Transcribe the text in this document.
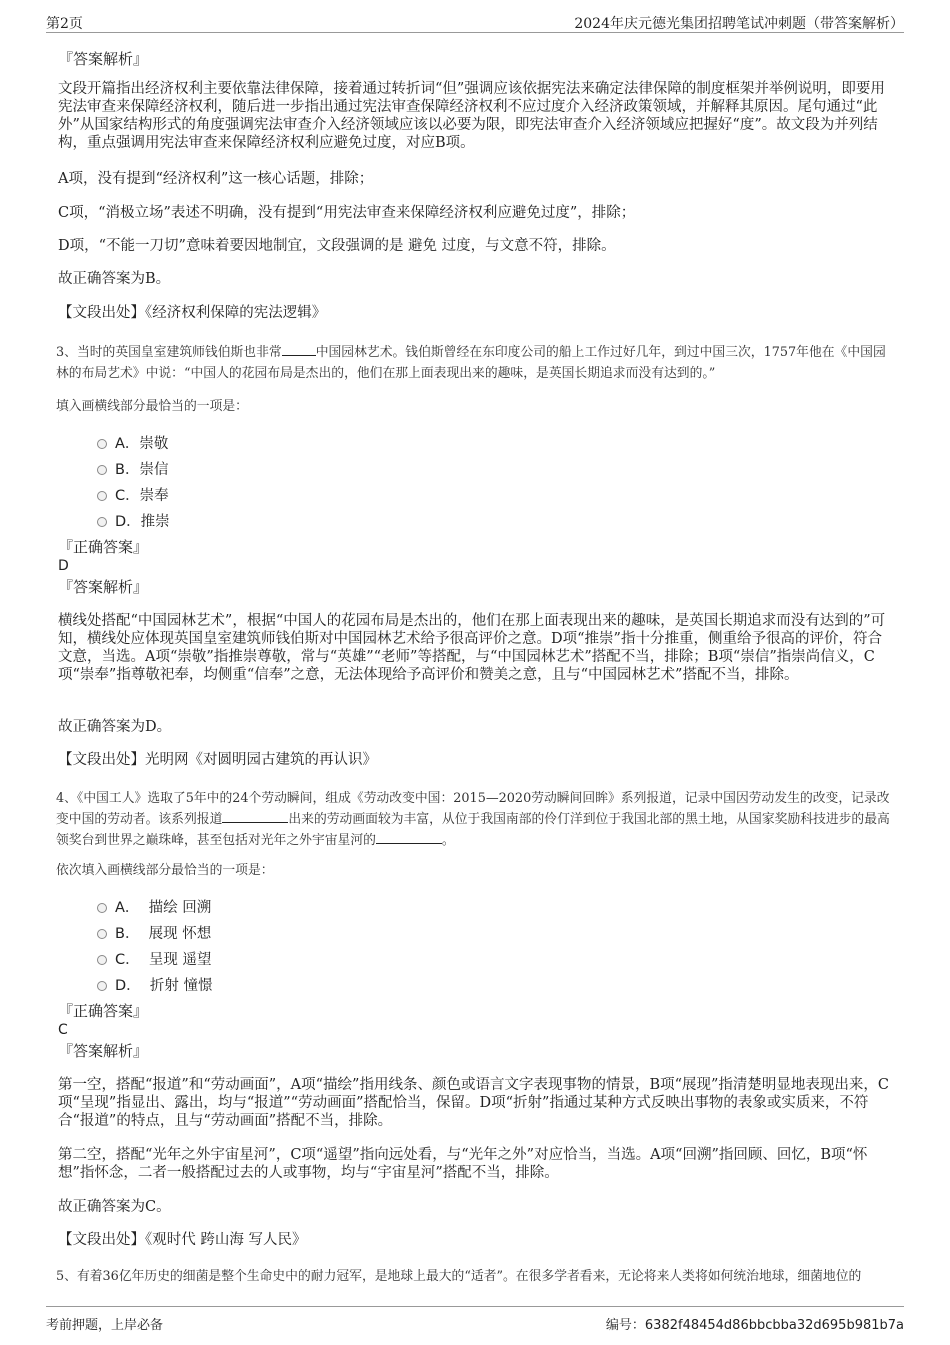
第2页	2024年庆元德光集团招聘笔试冲刺题（带答案解析）
『答案解析』

文段开篇指出经济权利主要依靠法律保障，接着通过转折词“但”强调应该依据宪法来确定法律保障的制度框架并举例说明，即要用宪法审查来保障经济权利，随后进一步指出通过宪法审查保障经济权利不应过度介入经济政策领域，并解释其原因。尾句通过“此外”从国家结构形式的角度强调宪法审查介入经济领域应该以必要为限，即宪法审查介入经济领域应把握好“度”。故文段为并列结构，重点强调用宪法审查来保障经济权利应避免过度，对应B项。

A项，没有提到“经济权利”这一核心话题，排除；

C项，“消极立场”表述不明确，没有提到“用宪法审查来保障经济权利应避免过度”，排除；

D项，“不能一刀切”意味着要因地制宜，文段强调的是 避免 过度，与文意不符，排除。

故正确答案为B。

【文段出处】《经济权利保障的宪法逻辑》

3、当时的英国皇室建筑师钱伯斯也非常	中国园林艺术。钱伯斯曾经在东印度公司的船上工作过好几年，到过中国三次，1757年他在《中国园林的布局艺术》中说：“中国人的花园布局是杰出的，他们在那上面表现出来的趣味，是英国长期追求而没有达到的。”

填入画横线部分最恰当的一项是：
A．崇敬
B．崇信
C．崇奉
D．推崇
『正确答案』
D
『答案解析』

横线处搭配“中国园林艺术”，根据“中国人的花园布局是杰出的，他们在那上面表现出来的趣味，是英国长期追求而没有达到的”可知，横线处应体现英国皇室建筑师钱伯斯对中国园林艺术给予很高评价之意。D项“推崇”指十分推重，侧重给予很高的评价，符合文意，当选。A项“崇敬”指推崇尊敬，常与“英雄”“老师”等搭配，与“中国园林艺术”搭配不当，排除；B项“崇信”指崇尚信义，C项“崇奉”指尊敬祀奉，均侧重“信奉”之意，无法体现给予高评价和赞美之意，且与“中国园林艺术”搭配不当，排除。

故正确答案为D。

【文段出处】光明网《对圆明园古建筑的再认识》

4、《中国工人》选取了5年中的24个劳动瞬间，组成《劳动改变中国：2015—2020劳动瞬间回眸》系列报道，记录中国因劳动发生的改变，记录改变中国的劳动者。该系列报道	出来的劳动画面较为丰富，从位于我国南部的伶仃洋到位于我国北部的黑土地，从国家奖励科技进步的最高领奖台到世界之巅珠峰，甚至包括对光年之外宇宙星河的	。

依次填入画横线部分最恰当的一项是：
A． 描绘 回溯
B． 展现 怀想
C． 呈现 遥望
D． 折射 憧憬
『正确答案』
C
『答案解析』

第一空，搭配“报道”和“劳动画面”，A项“描绘”指用线条、颜色或语言文字表现事物的情景，B项“展现”指清楚明显地表现出来，C项“呈现”指显出、露出，均与“报道”“劳动画面”搭配恰当，保留。D项“折射”指通过某种方式反映出事物的表象或实质来，不符合“报道”的特点，且与“劳动画面”搭配不当，排除。

第二空，搭配“光年之外宇宙星河”，C项“遥望”指向远处看，与“光年之外”对应恰当，当选。A项“回溯”指回顾、回忆，B项“怀想”指怀念，二者一般搭配过去的人或事物，均与“宇宙星河”搭配不当，排除。

故正确答案为C。

【文段出处】《观时代 跨山海 写人民》

5、有着36亿年历史的细菌是整个生命史中的耐力冠军，是地球上最大的“适者”。在很多学者看来，无论将来人类将如何统治地球，细菌地位的

考前押题，上岸必备	编号：6382f48454d86bbcbba32d695b981b7a
